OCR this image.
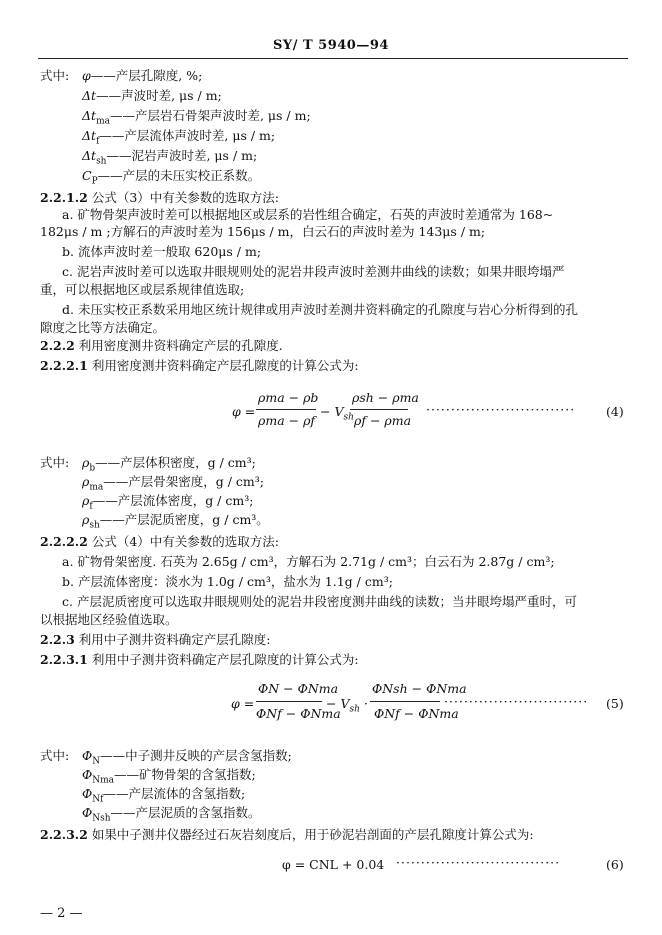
SY/ T 5940—94
式中: φ——产层孔隙度, %;
Δt——声波时差, μs / m;
$\Delta t_{ma}——$产层岩石骨架声波时差, μs / m;
$\Delta t_f——$产层流体声波时差, μs / m;
$\Delta t_{sh}——$泥岩声波时差, μs / m;
$C_P——$产层的未压实校正系数。
2.2.1.2 公式（3）中有关参数的选取方法:
a. 矿物骨架声波时差可以根据地区或层系的岩性组合确定，石英的声波时差通常为 168~
182μs / m ;方解石的声波时差为 156μs / m，白云石的声波时差为 143μs / m;
b. 流体声波时差一般取 620μs / m;
c. 泥岩声波时差可以选取井眼规则处的泥岩井段声波时差测井曲线的读数；如果井眼垮塌严
重，可以根据地区或层系规律值选取;
d. 未压实校正系数采用地区统计规律或用声波时差测井资料确定的孔隙度与岩心分析得到的孔
隙度之比等方法确定。
2.2.2 利用密度测井资料确定产层的孔隙度.
2.2.2.1 利用密度测井资料确定产层孔隙度的计算公式为:
φ =
ρma − ρb
ρma − ρf
− $V_{sh}$
ρsh − ρma
ρf − ρma
······························ (4)
式中: $\rho_b——$产层体积密度，g / cm³;
$\rho_{ma}——$产层骨架密度，g / cm³;
$\rho_f——$产层流体密度，g / cm³;
$\rho_{sh}——$产层泥质密度，g / cm³。
2.2.2.2 公式（4）中有关参数的选取方法:
a. 矿物骨架密度. 石英为 2.65g / cm³，方解石为 2.71g / cm³；白云石为 2.87g / cm³;
b. 产层流体密度：淡水为 1.0g / cm³，盐水为 1.1g / cm³;
c. 产层泥质密度可以选取井眼规则处的泥岩井段密度测井曲线的读数；当井眼垮塌严重时，可
以根据地区经验值选取。
2.2.3 利用中子测井资料确定产层孔隙度:
2.2.3.1 利用中子测井资料确定产层孔隙度的计算公式为:
φ =
ΦN − ΦNma
ΦNf − ΦNma
− $V_{sh}$ ·
ΦNsh − ΦNma
ΦNf − ΦNma
····························· (5)
式中: $\Phi_N——$中子测井反映的产层含氢指数;
$\Phi_{Nma}——$矿物骨架的含氢指数;
$\Phi_{Nf}——$产层流体的含氢指数;
$\Phi_{Nsh}——$产层泥质的含氢指数。
2.2.3.2 如果中子测井仪器经过石灰岩刻度后，用于砂泥岩剖面的产层孔隙度计算公式为:
φ = CNL + 0.04 ·································	(6)
— 2 —
